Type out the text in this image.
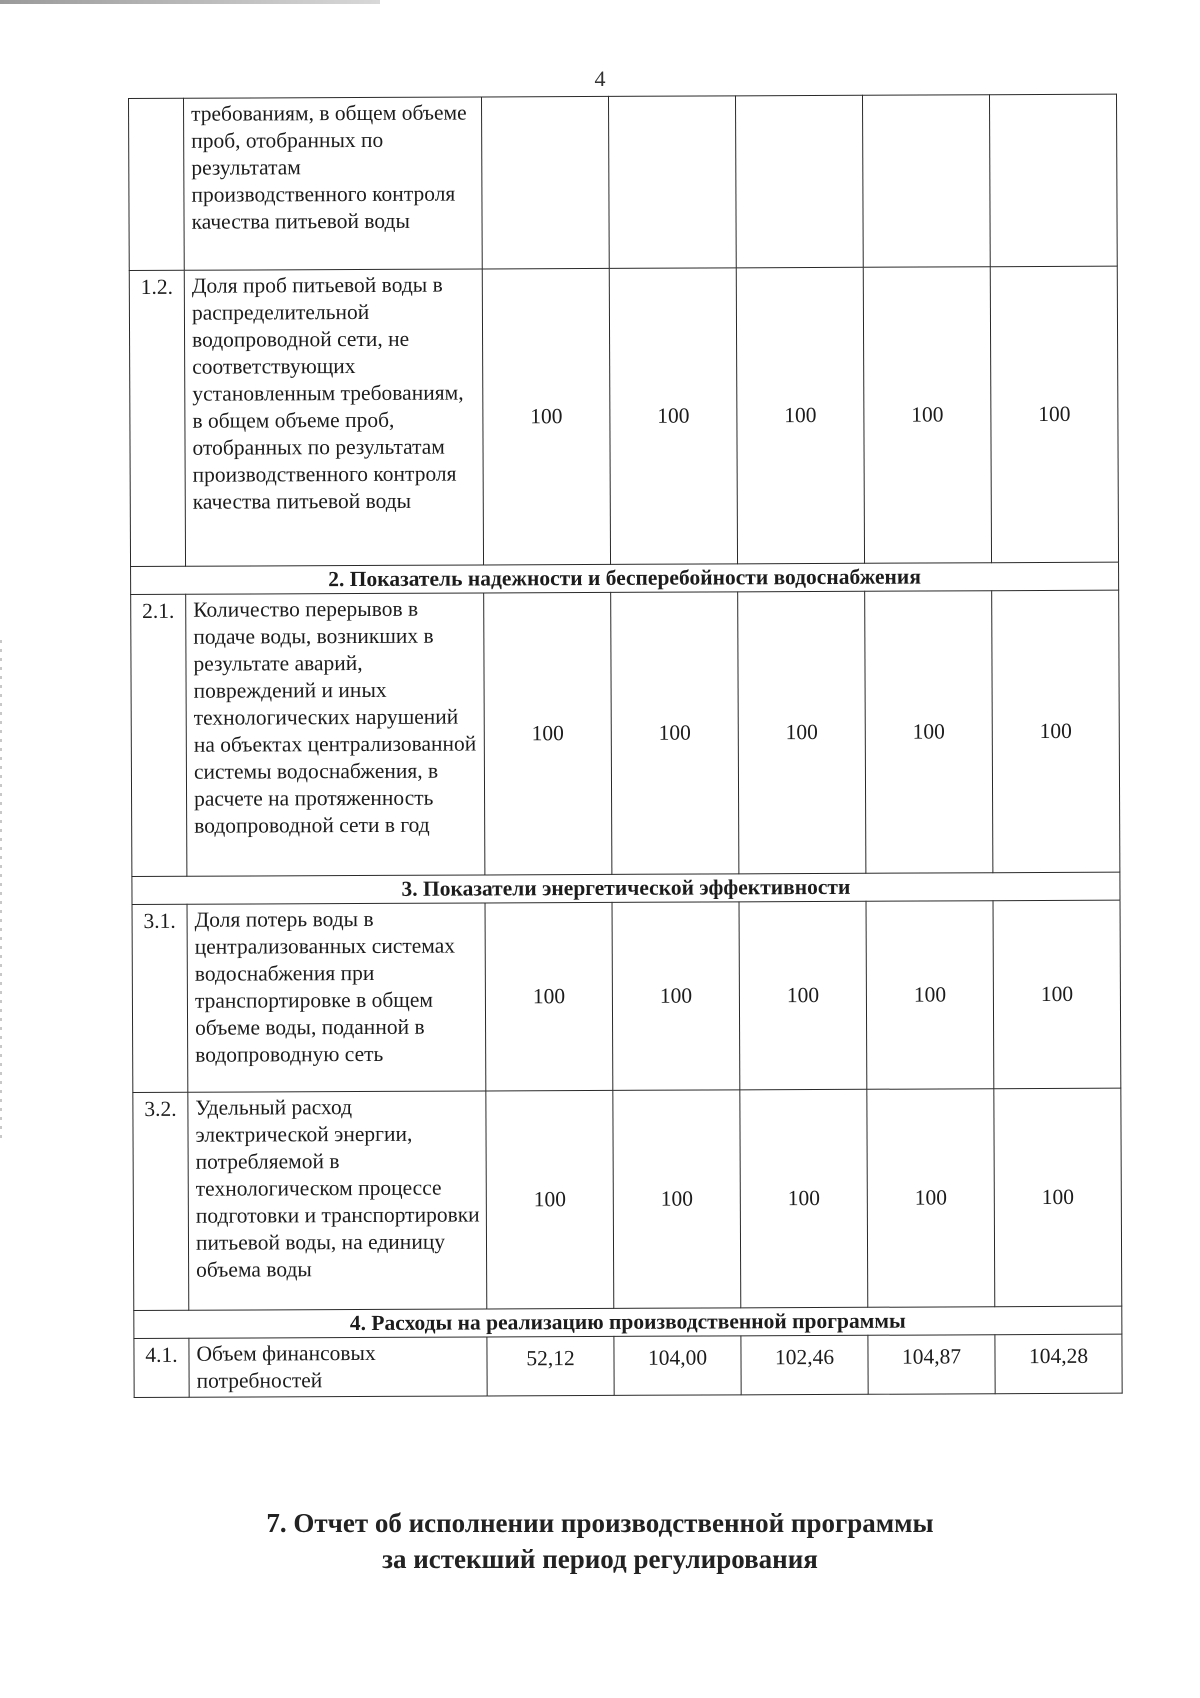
4
	требованиям, в общем объеме проб, отобранных по результатам производственного контроля качества питьевой воды					
1.2.	Доля проб питьевой воды в распределительной водопроводной сети, не соответствующих установленным требованиям, в общем объеме проб, отобранных по результатам производственного контроля качества питьевой воды	100	100	100	100	100
2. Показатель надежности и бесперебойности водоснабжения						
2.1.	Количество перерывов в подаче воды, возникших в результате аварий, повреждений и иных технологических нарушений на объектах централизованной системы водоснабжения, в расчете на протяженность водопроводной сети в год	100	100	100	100	100
3. Показатели энергетической эффективности						
3.1.	Доля потерь воды в централизованных системах водоснабжения при транспортировке в общем объеме воды, поданной в водопроводную сеть	100	100	100	100	100
3.2.	Удельный расход электрической энергии, потребляемой в технологическом процессе подготовки и транспортировки питьевой воды, на единицу объема воды	100	100	100	100	100
4. Расходы на реализацию производственной программы						
4.1.	Объем финансовых потребностей	52,12	104,00	102,46	104,87	104,28
7. Отчет об исполнении производственной программы
за истекший период регулирования
